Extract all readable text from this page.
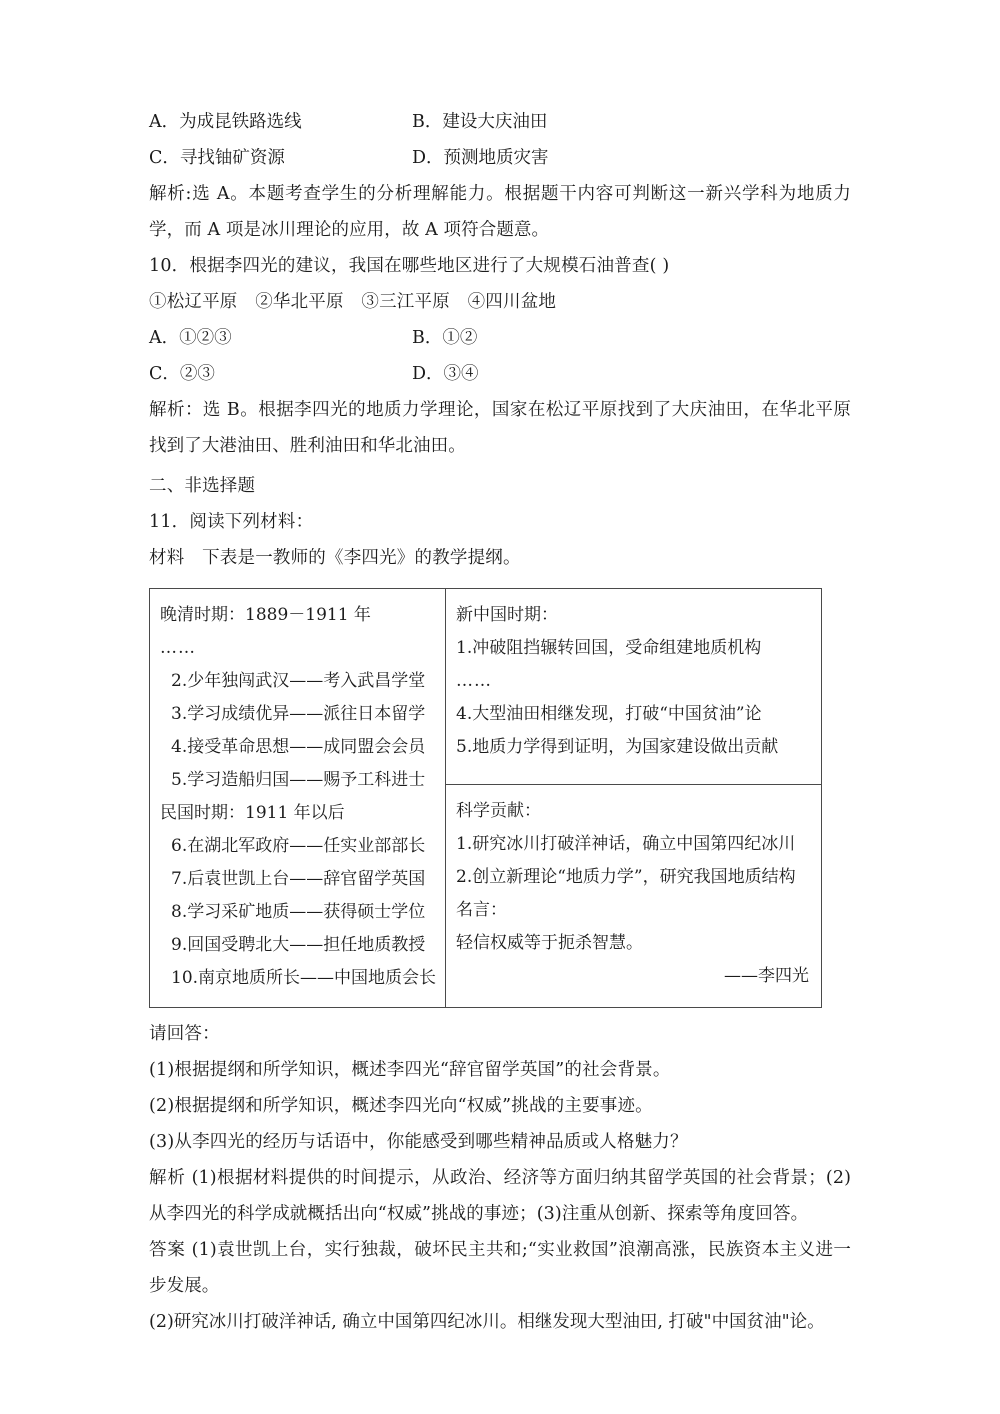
A．为成昆铁路选线	B．建设大庆油田
C．寻找铀矿资源	D．预测地质灾害
解析:选 A。本题考查学生的分析理解能力。根据题干内容可判断这一新兴学科为地质力学，而 A 项是冰川理论的应用，故 A 项符合题意。
10．根据李四光的建议，我国在哪些地区进行了大规模石油普查( )
①松辽平原　②华北平原　③三江平原　④四川盆地
A．①②③	B．①②
C．②③	D．③④
解析：选 B。根据李四光的地质力学理论，国家在松辽平原找到了大庆油田，在华北平原找到了大港油田、胜利油田和华北油田。
二、非选择题
11．阅读下列材料：
材料　下表是一教师的《李四光》的教学提纲。
晚清时期：1889－1911 年
……
2.少年独闯武汉——考入武昌学堂
3.学习成绩优异——派往日本留学
4.接受革命思想——成同盟会会员
5.学习造船归国——赐予工科进士
民国时期：1911 年以后
6.在湖北军政府——任实业部部长
7.后袁世凯上台——辞官留学英国
8.学习采矿地质——获得硕士学位
9.回国受聘北大——担任地质教授
10.南京地质所长——中国地质会长

新中国时期：
1.冲破阻挡辗转回国，受命组建地质机构
……
4.大型油田相继发现，打破“中国贫油”论
5.地质力学得到证明，为国家建设做出贡献

科学贡献：
1.研究冰川打破洋神话，确立中国第四纪冰川
2.创立新理论“地质力学”，研究我国地质结构
名言：
轻信权威等于扼杀智慧。
——李四光
请回答：
(1)根据提纲和所学知识，概述李四光“辞官留学英国”的社会背景。
(2)根据提纲和所学知识，概述李四光向“权威”挑战的主要事迹。
(3)从李四光的经历与话语中，你能感受到哪些精神品质或人格魅力？
解析 (1)根据材料提供的时间提示，从政治、经济等方面归纳其留学英国的社会背景；(2)从李四光的科学成就概括出向“权威”挑战的事迹；(3)注重从创新、探索等角度回答。
答案 (1)袁世凯上台，实行独裁，破坏民主共和;“实业救国”浪潮高涨，民族资本主义进一步发展。
(2)研究冰川打破洋神话, 确立中国第四纪冰川。相继发现大型油田, 打破"中国贫油"论。
